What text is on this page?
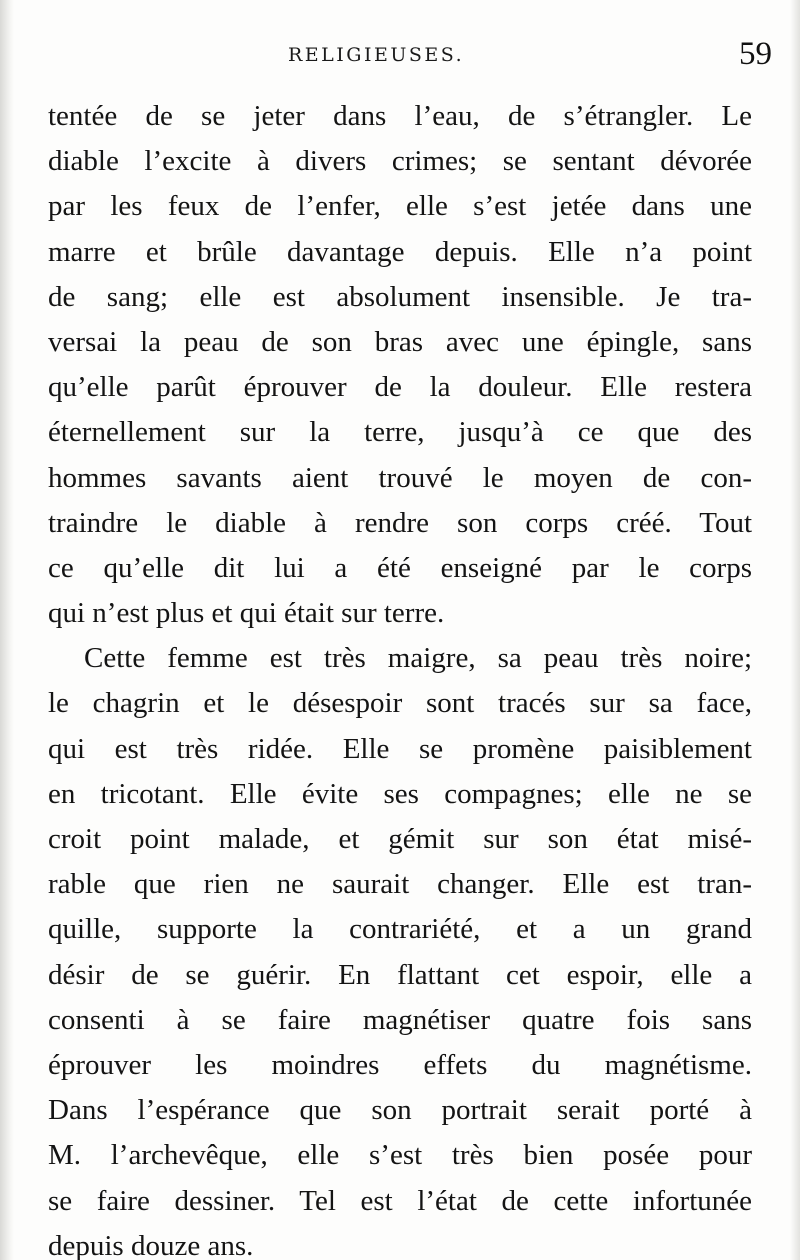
RELIGIEUSES.	59
tentée de se jeter dans l’eau, de s’étrangler. Le
diable l’excite à divers crimes; se sentant dévorée
par les feux de l’enfer, elle s’est jetée dans une
marre et brûle davantage depuis. Elle n’a point
de sang; elle est absolument insensible. Je tra-
versai la peau de son bras avec une épingle, sans
qu’elle parût éprouver de la douleur. Elle restera
éternellement sur la terre, jusqu’à ce que des
hommes savants aient trouvé le moyen de con-
traindre le diable à rendre son corps créé. Tout
ce qu’elle dit lui a été enseigné par le corps
qui n’est plus et qui était sur terre.
Cette femme est très maigre, sa peau très noire;
le chagrin et le désespoir sont tracés sur sa face,
qui est très ridée. Elle se promène paisiblement
en tricotant. Elle évite ses compagnes; elle ne se
croit point malade, et gémit sur son état misé-
rable que rien ne saurait changer. Elle est tran-
quille, supporte la contrariété, et a un grand
désir de se guérir. En flattant cet espoir, elle a
consenti à se faire magnétiser quatre fois sans
éprouver les moindres effets du magnétisme.
Dans l’espérance que son portrait serait porté à
M. l’archevêque, elle s’est très bien posée pour
se faire dessiner. Tel est l’état de cette infortunée
depuis douze ans.
